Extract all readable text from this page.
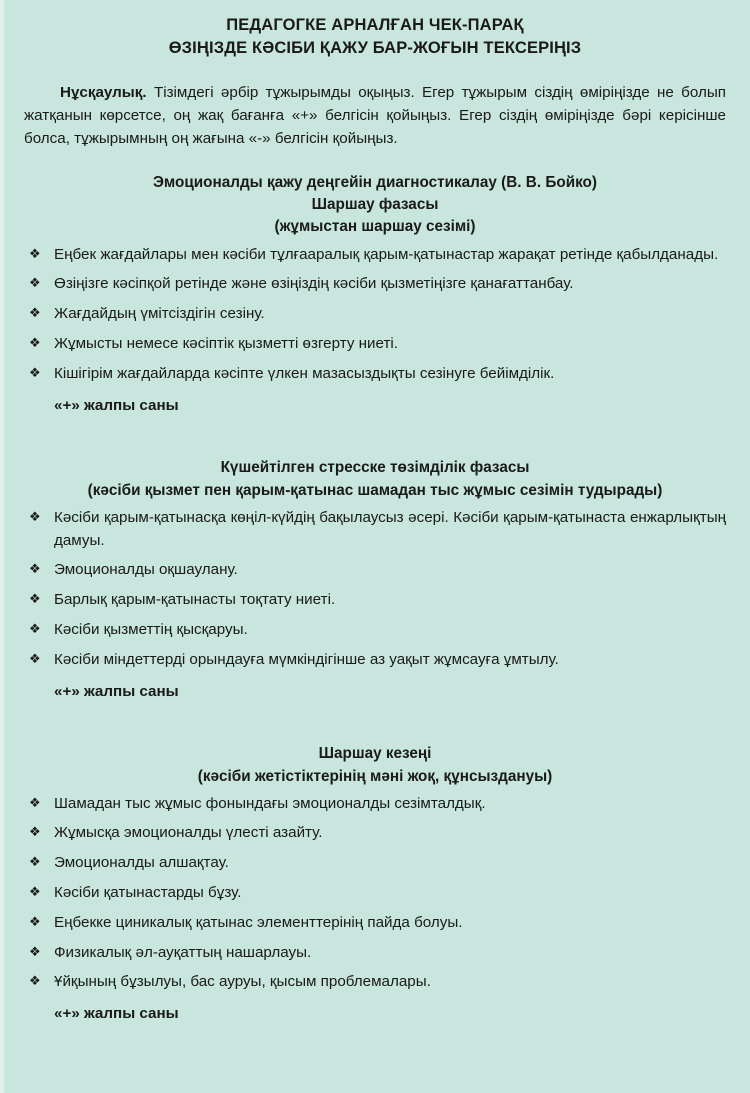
ПЕДАГОГКЕ АРНАЛҒАН ЧЕК-ПАРАҚ
ӨЗІҢІЗДЕ КӘСІБИ ҚАЖУ БАР-ЖОҒЫН ТЕКСЕРІҢІЗ

Нұсқаулық. Тізімдегі әрбір тұжырымды оқыңыз. Егер тұжырым сіздің өміріңізде не болып жатқанын көрсетсе, оң жақ бағанға «+» белгісін қойыңыз. Егер сіздің өміріңізде бәрі керісінше болса, тұжырымның оң жағына «-» белгісін қойыңыз.

Эмоционалды қажу деңгейін диагностикалау (В. В. Бойко)
Шаршау фазасы
(жұмыстан шаршау сезімі)
❖ Еңбек жағдайлары мен кәсіби тұлғааралық қарым-қатынастар жарақат ретінде қабылданады.
❖ Өзіңізге кәсіпқой ретінде және өзіңіздің кәсіби қызметіңізге қанағаттанбау.
❖ Жағдайдың үмітсіздігін сезіну.
❖ Жұмысты немесе кәсіптік қызметті өзгерту ниеті.
❖ Кішігірім жағдайларда кәсіпте үлкен мазасыздықты сезінуге бейімділік.
«+» жалпы саны
Күшейтілген стресске төзімділік фазасы
(кәсіби қызмет пен қарым-қатынас шамадан тыс жұмыс сезімін тудырады)
❖ Кәсіби қарым-қатынасқа көңіл-күйдің бақылаусыз әсері. Кәсіби қарым-қатынаста енжарлықтың дамуы.
❖ Эмоционалды оқшаулану.
❖ Барлық қарым-қатынасты тоқтату ниеті.
❖ Кәсіби қызметтің қысқаруы.
❖ Кәсіби міндеттерді орындауға мүмкіндігінше аз уақыт жұмсауға ұмтылу.
«+» жалпы саны
Шаршау кезеңі
(кәсіби жетістіктерінің мәні жоқ, құнсыздануы)
❖ Шамадан тыс жұмыс фонындағы эмоционалды сезімталдық.
❖ Жұмысқа эмоционалды үлесті азайту.
❖ Эмоционалды алшақтау.
❖ Кәсіби қатынастарды бұзу.
❖ Еңбекке циникалық қатынас элементтерінің пайда болуы.
❖ Физикалық әл-ауқаттың нашарлауы.
❖ Ұйқының бұзылуы, бас ауруы, қысым проблемалары.
«+» жалпы саны
